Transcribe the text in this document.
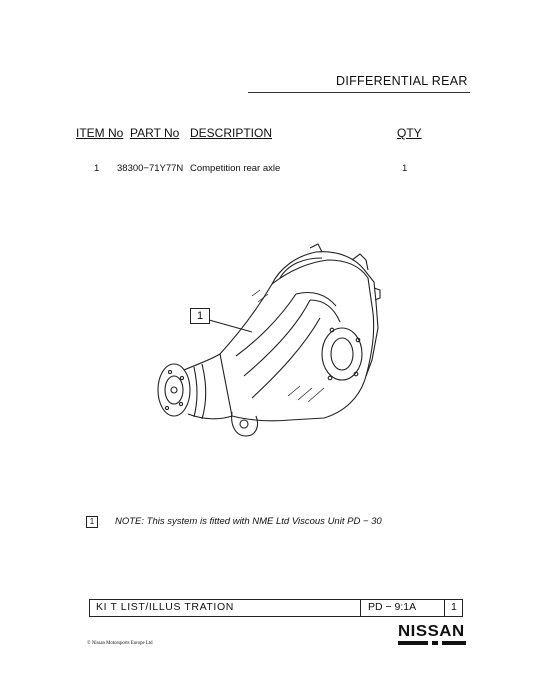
DIFFERENTIAL REAR
ITEM No PART No DESCRIPTION	QTY
1 38300−71Y77N Competition rear axle	1
1
1	NOTE: This system is fitted with NME Ltd Viscous Unit PD − 30
KI T LIST/ILLUS TRATION	PD − 9:1A	1
© Nissan Motorsports Europe Ltd
NISSAN
